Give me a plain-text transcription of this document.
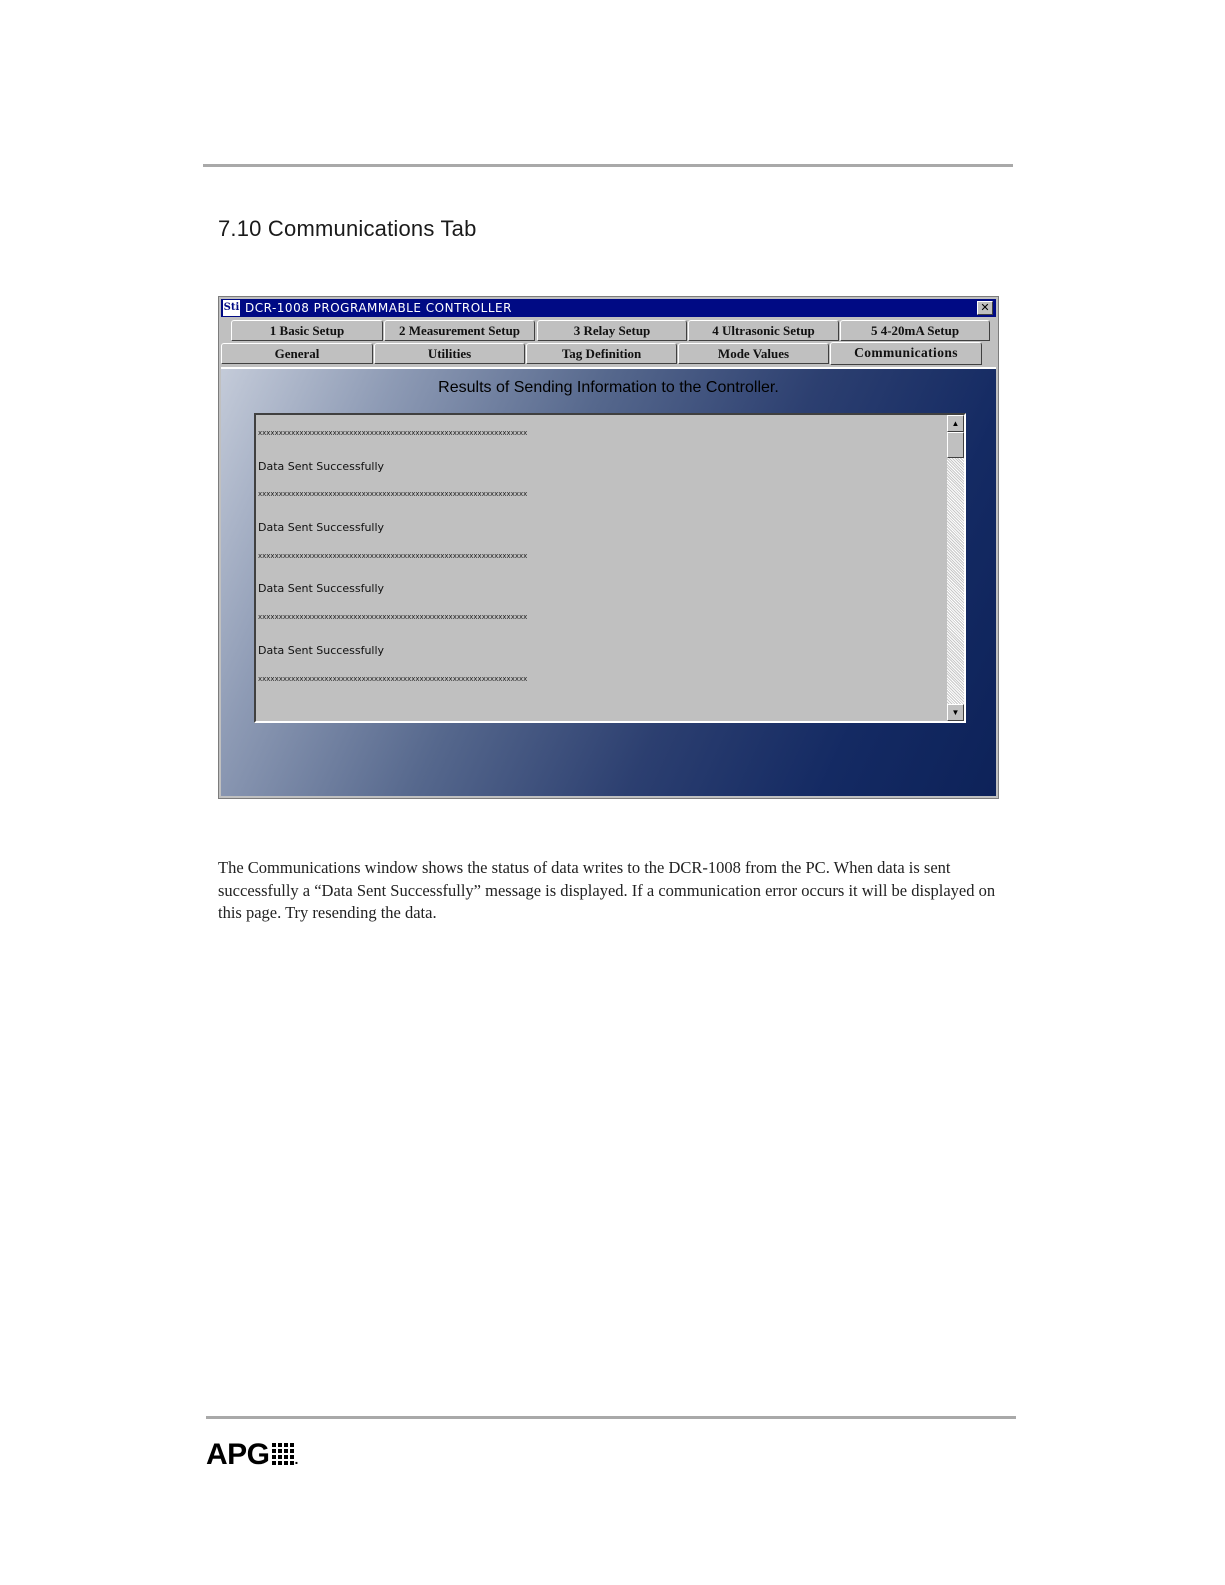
7.10 Communications Tab
Sti DCR-1008 PROGRAMMABLE CONTROLLER	✕
1 Basic Setup	2 Measurement Setup	3 Relay Setup	4 Ultrasonic Setup	5 4-20mA Setup
General	Utilities	Tag Definition	Mode Values	Communications
Results of Sending Information to the Controller.
xxxxxxxxxxxxxxxxxxxxxxxxxxxxxxxxxxxxxxxxxxxxxxxxxxxxxxxxxxxxxxxxx
Data Sent Successfully
xxxxxxxxxxxxxxxxxxxxxxxxxxxxxxxxxxxxxxxxxxxxxxxxxxxxxxxxxxxxxxxxx
Data Sent Successfully
xxxxxxxxxxxxxxxxxxxxxxxxxxxxxxxxxxxxxxxxxxxxxxxxxxxxxxxxxxxxxxxxx
Data Sent Successfully
xxxxxxxxxxxxxxxxxxxxxxxxxxxxxxxxxxxxxxxxxxxxxxxxxxxxxxxxxxxxxxxxx
Data Sent Successfully
xxxxxxxxxxxxxxxxxxxxxxxxxxxxxxxxxxxxxxxxxxxxxxxxxxxxxxxxxxxxxxxxx
▲
▼

The Communications window shows the status of data writes to the DCR-1008 from the PC. When data is sent successfully a “Data Sent Successfully” message is displayed. If a communication error occurs it will be displayed on this page. Try resending the data.

APG .
